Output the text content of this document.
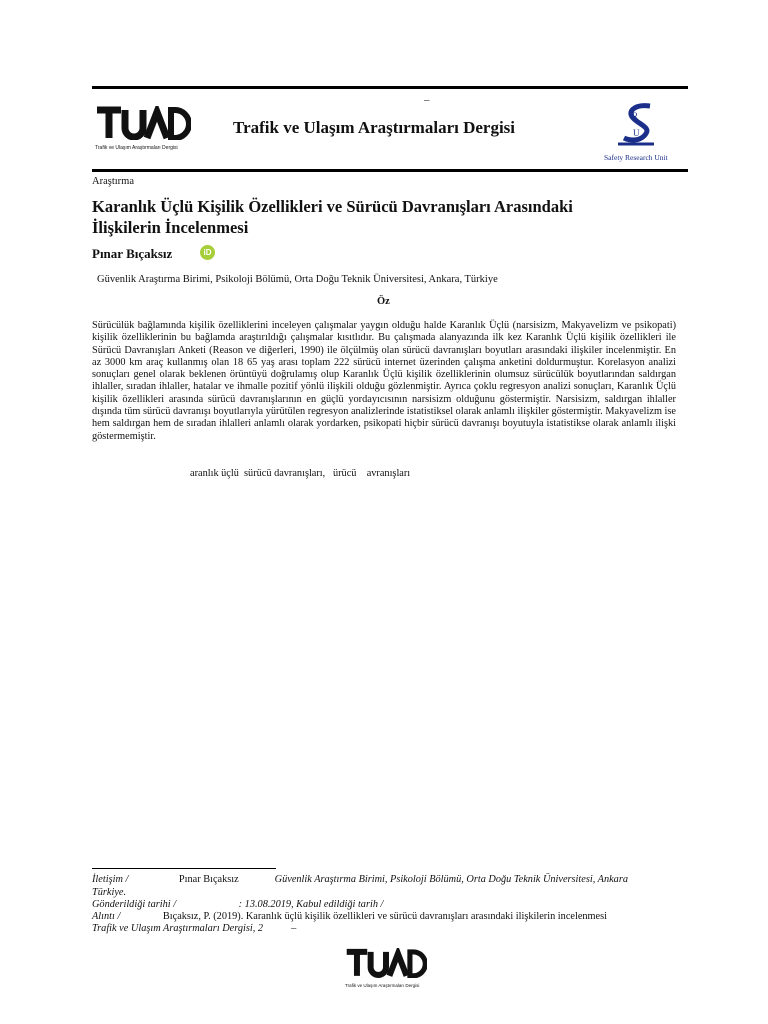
–
Trafik ve Ulaşım Araştırmaları Dergisi
Trafik ve Ulaşım Araştırmaları Dergisi
R
U
Safety Research Unit
Araştırma
Karanlık Üçlü Kişilik Özellikleri ve Sürücü Davranışları Arasındaki
İlişkilerin İncelenmesi
Pınar Bıçaksız	iD
Güvenlik Araştırma Birimi, Psikoloji Bölümü, Orta Doğu Teknik Üniversitesi, Ankara, Türkiye
Öz
Sürücülük bağlamında kişilik özelliklerini inceleyen çalışmalar yaygın olduğu halde Karanlık Üçlü (narsisizm, Makyavelizm ve psikopati) kişilik özelliklerinin bu bağlamda araştırıldığı çalışmalar kısıtlıdır. Bu çalışmada alanyazında ilk kez Karanlık Üçlü kişilik özellikleri ile Sürücü Davranışları Anketi (Reason ve diğerleri, 1990) ile ölçülmüş olan sürücü davranışları boyutları arasındaki ilişkiler incelenmiştir. En az 3000 km araç kullanmış olan 18 65 yaş arası toplam 222 sürücü internet üzerinden çalışma anketini doldurmuştur. Korelasyon analizi sonuçları genel olarak beklenen örüntüyü doğrulamış olup Karanlık Üçlü kişilik özelliklerinin olumsuz sürücülük boyutlarından saldırgan ihlaller, sıradan ihlaller, hatalar ve ihmalle pozitif yönlü ilişkili olduğu gözlenmiştir. Ayrıca çoklu regresyon analizi sonuçları, Karanlık Üçlü kişilik özellikleri arasında sürücü davranışlarının en güçlü yordayıcısının narsisizm olduğunu göstermiştir. Narsisizm, saldırgan ihlaller dışında tüm sürücü davranışı boyutlarıyla yürütülen regresyon analizlerinde istatistiksel olarak anlamlı ilişkiler göstermiştir. Makyavelizm ise hem saldırgan hem de sıradan ihlalleri anlamlı olarak yordarken, psikopati hiçbir sürücü davranışı boyutuyla istatistikse olarak anlamlı ilişki göstermemiştir.
aranlık üçlü  sürücü davranışları,   ürücü    avranışları
İletişim /	Pınar Bıçaksız	Güvenlik Araştırma Birimi, Psikoloji Bölümü, Orta Doğu Teknik Üniversitesi, Ankara
Türkiye.
Gönderildiği tarihi /	: 13.08.2019, Kabul edildiği tarih /
Alıntı /	Bıçaksız, P. (2019). Karanlık üçlü kişilik özellikleri ve sürücü davranışları arasındaki ilişkilerin incelenmesi
Trafik ve Ulaşım Araştırmaları Dergisi, 2	–
Trafik ve Ulaşım Araştırmaları Dergisi
